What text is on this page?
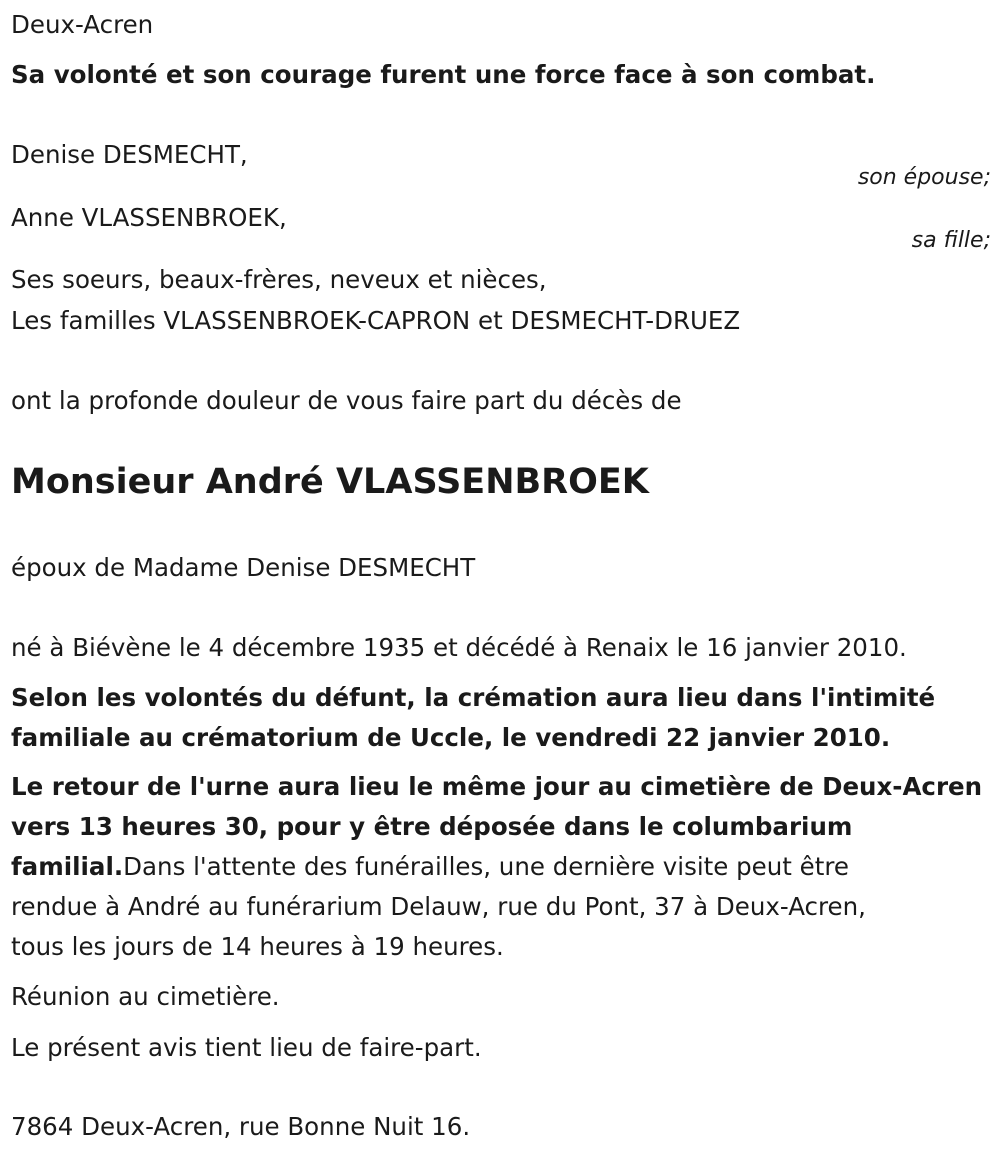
Deux-Acren
Sa volonté et son courage furent une force face à son combat.
Denise DESMECHT,
son épouse;
Anne VLASSENBROEK,
sa fille;
Ses soeurs, beaux-frères, neveux et nièces,
Les familles VLASSENBROEK-CAPRON et DESMECHT-DRUEZ
ont la profonde douleur de vous faire part du décès de
Monsieur André VLASSENBROEK
époux de Madame Denise DESMECHT
né à Biévène le 4 décembre 1935 et décédé à Renaix le 16 janvier 2010.
Selon les volontés du défunt, la crémation aura lieu dans l'intimité
familiale au crématorium de Uccle, le vendredi 22 janvier 2010.
Le retour de l'urne aura lieu le même jour au cimetière de Deux-Acren
vers 13 heures 30, pour y être déposée dans le columbarium
familial.Dans l'attente des funérailles, une dernière visite peut être
rendue à André au funérarium Delauw, rue du Pont, 37 à Deux-Acren,
tous les jours de 14 heures à 19 heures.
Réunion au cimetière.
Le présent avis tient lieu de faire-part.
7864 Deux-Acren, rue Bonne Nuit 16.
